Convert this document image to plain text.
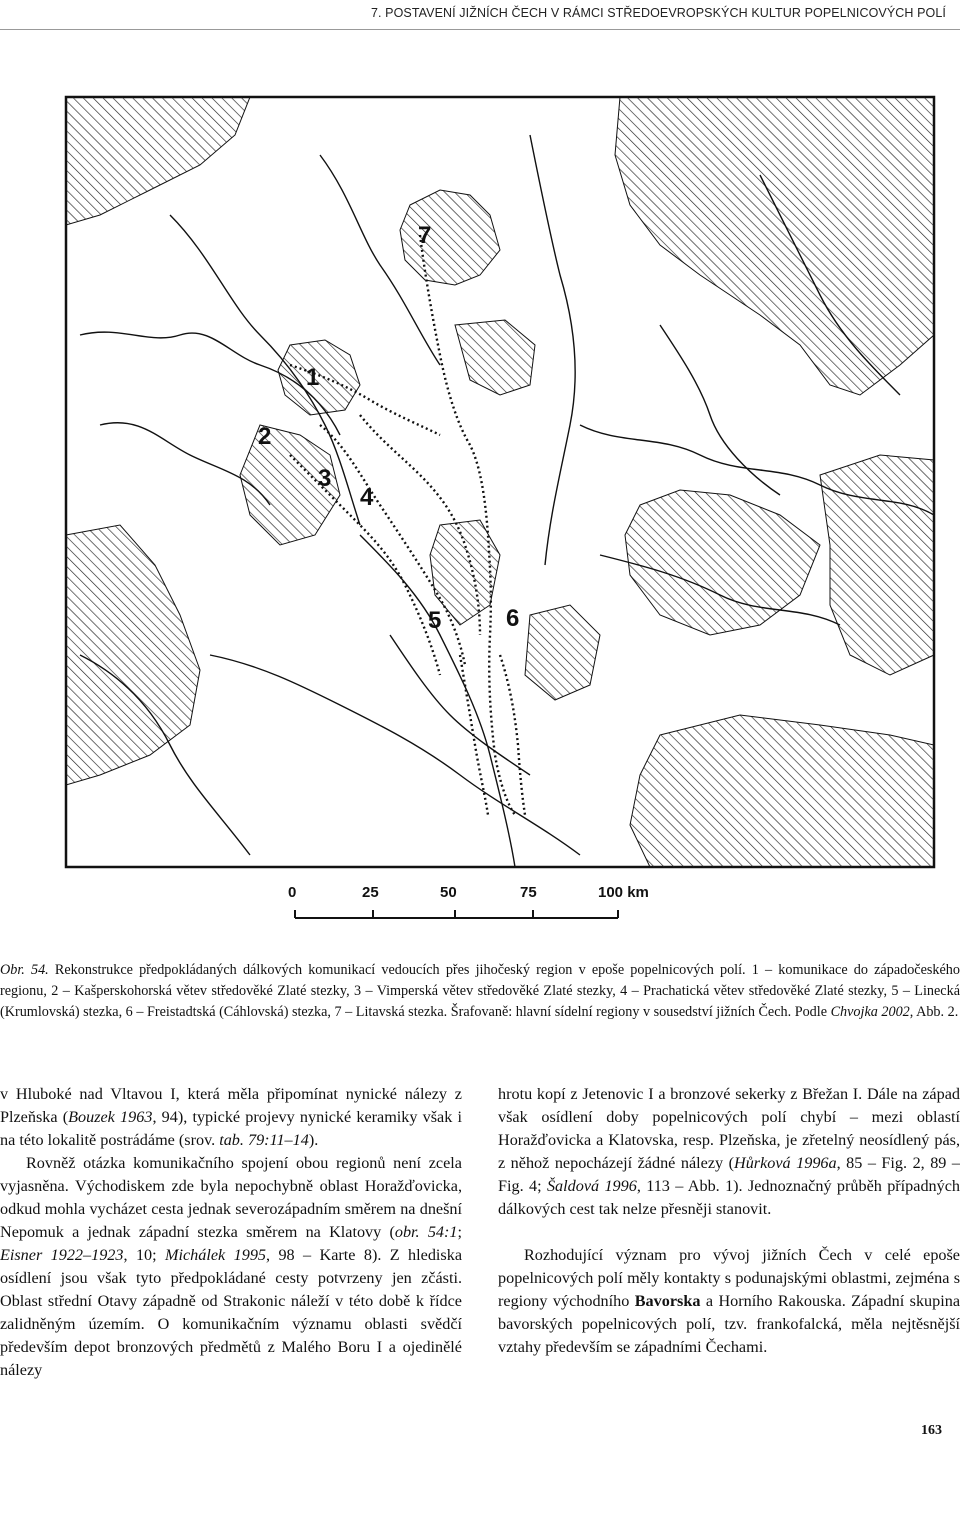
7. POSTAVENÍ JIŽNÍCH ČECH V RÁMCI STŘEDOEVROPSKÝCH KULTUR POPELNICOVÝCH POLÍ
7
1
2
3
4
5	6
0	25	50	75	100 km
Obr. 54. Rekonstrukce předpokládaných dálkových komunikací vedoucích přes jihočeský region v epoše popelnicových polí. 1 – komunikace do západočeského regionu, 2 – Kašperskohorská větev středověké Zlaté stezky, 3 – Vimperská větev středověké Zlaté stezky, 4 – Prachatická větev středověké Zlaté stezky, 5 – Linecká (Krumlovská) stezka, 6 – Freistadtská (Cáhlovská) stezka, 7 – Litavská stezka. Šrafovaně: hlavní sídelní regiony v sousedství jižních Čech. Podle Chvojka 2002, Abb. 2.

v Hluboké nad Vltavou I, která měla připomínat nynické nálezy z Plzeňska (Bouzek 1963, 94), typické projevy nynické keramiky však i na této lokalitě postrádáme (srov. tab. 79:11–14).

Rovněž otázka komunikačního spojení obou regionů není zcela vyjasněna. Východiskem zde byla nepochybně oblast Horažďovicka, odkud mohla vycházet cesta jednak severozápadním směrem na dnešní Nepomuk a jednak západní stezka směrem na Klatovy (obr. 54:1; Eisner 1922–1923, 10; Michálek 1995, 98 – Karte 8). Z hlediska osídlení jsou však tyto předpokládané cesty potvrzeny jen zčásti. Oblast střední Otavy západně od Strakonic náleží v této době k řídce zalidněným územím. O komunikačním významu oblasti svědčí především depot bronzových předmětů z Malého Boru I a ojedinělé nálezy

hrotu kopí z Jetenovic I a bronzové sekerky z Břežan I. Dále na západ však osídlení doby popelnicových polí chybí – mezi oblastí Horažďovicka a Klatovska, resp. Plzeňska, je zřetelný neosídlený pás, z něhož nepocházejí žádné nálezy (Hůrková 1996a, 85 – Fig. 2, 89 – Fig. 4; Šaldová 1996, 113 – Abb. 1). Jednoznačný průběh případných dálkových cest tak nelze přesněji stanovit.

Rozhodující význam pro vývoj jižních Čech v celé epoše popelnicových polí měly kontakty s podunajskými oblastmi, zejména s regiony východního Bavorska a Horního Rakouska. Západní skupina bavorských popelnicových polí, tzv. frankofalcká, měla nejtěsnější vztahy především se západními Čechami.

163
